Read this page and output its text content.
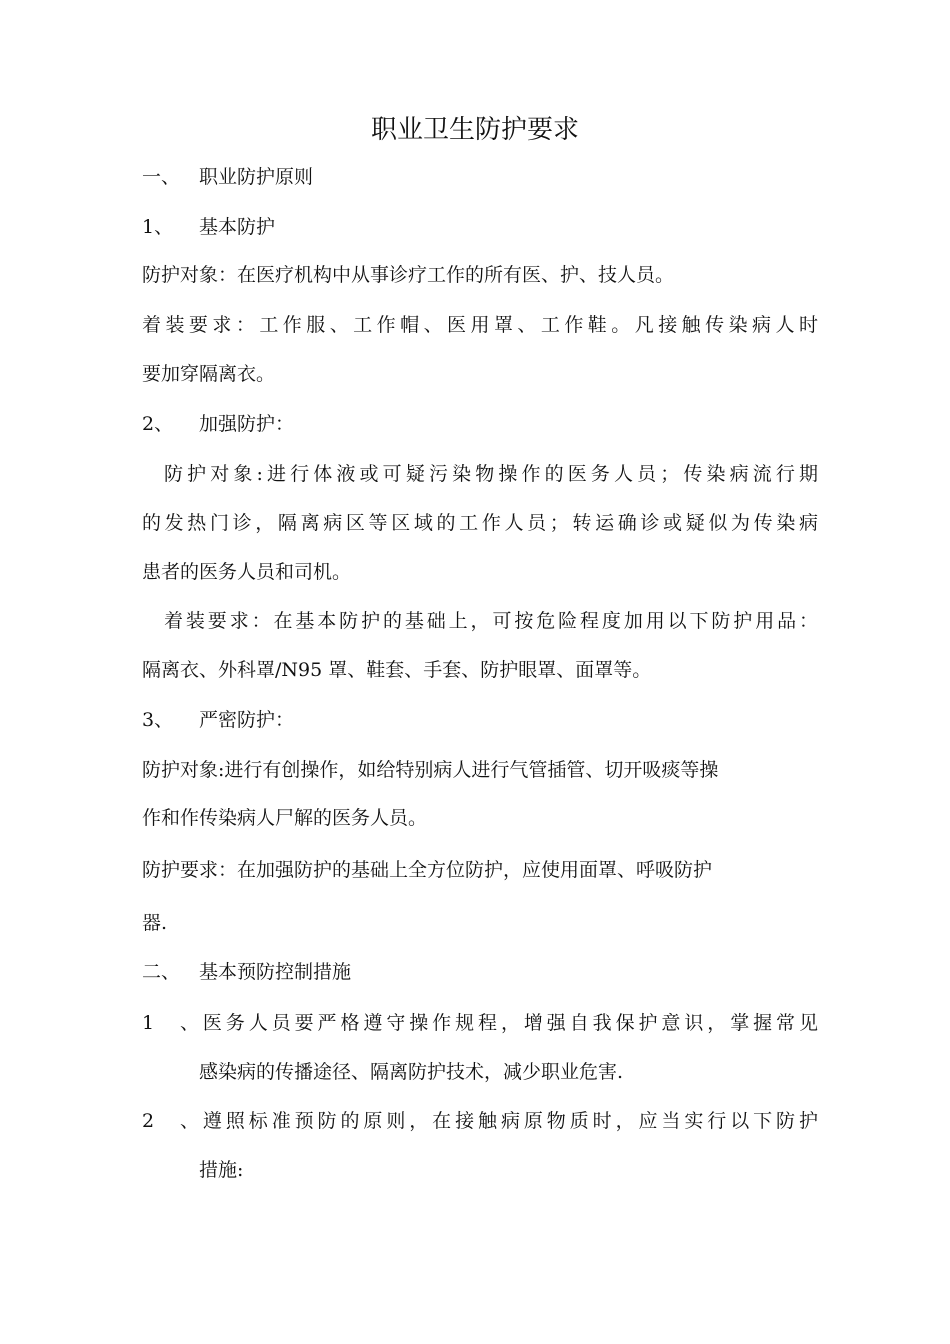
职业卫生防护要求
一、 职业防护原则
1、 基本防护
防护对象：在医疗机构中从事诊疗工作的所有医、护、技人员。
着装要求：工作服、工作帽、医用罩、工作鞋。凡接触传染病人时
要加穿隔离衣。
2、 加强防护：
防护对象:进行体液或可疑污染物操作的医务人员；传染病流行期
的发热门诊，隔离病区等区域的工作人员；转运确诊或疑似为传染病
患者的医务人员和司机。
着装要求：在基本防护的基础上，可按危险程度加用以下防护用品：
隔离衣、外科罩/N95 罩、鞋套、手套、防护眼罩、面罩等。
3、 严密防护：
防护对象:进行有创操作，如给特别病人进行气管插管、切开吸痰等操
作和作传染病人尸解的医务人员。
防护要求：在加强防护的基础上全方位防护，应使用面罩、呼吸防护
器.
二、 基本预防控制措施
1、医务人员要严格遵守操作规程，增强自我保护意识，掌握常见
感染病的传播途径、隔离防护技术，减少职业危害.
2、遵照标准预防的原则，在接触病原物质时，应当实行以下防护
措施:
